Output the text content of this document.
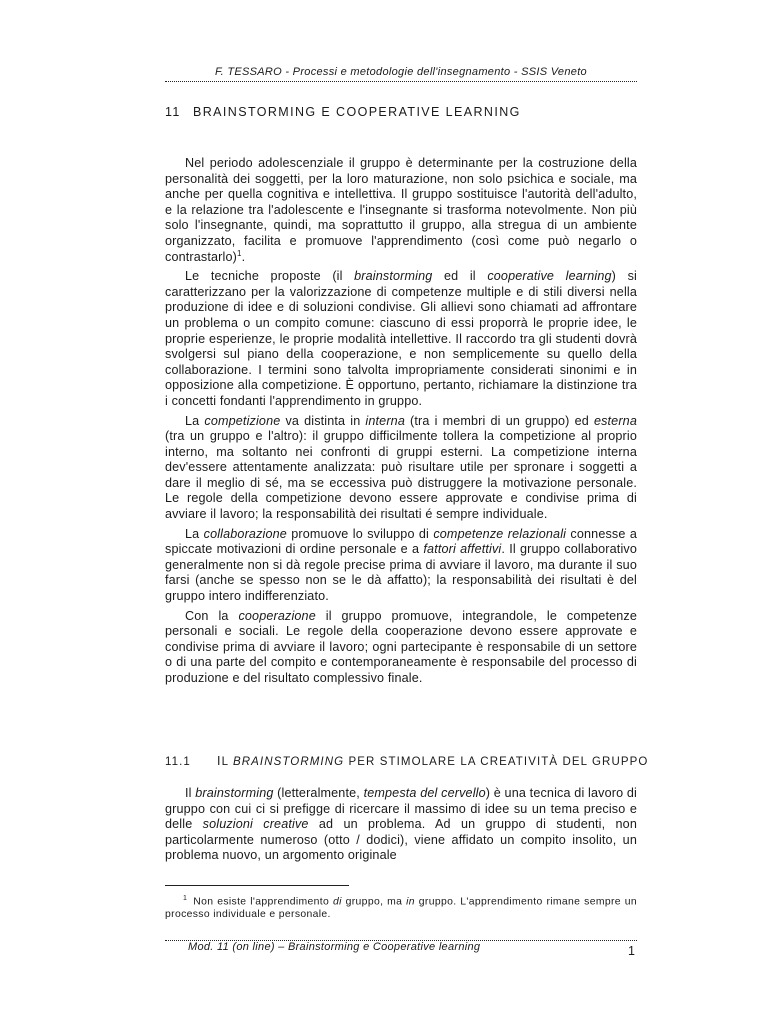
F. TESSARO - Processi e metodologie dell'insegnamento - SSIS Veneto
11 BRAINSTORMING E COOPERATIVE LEARNING

Nel periodo adolescenziale il gruppo è determinante per la costruzione della personalità dei soggetti, per la loro maturazione, non solo psichica e sociale, ma anche per quella cognitiva e intellettiva. Il gruppo sostituisce l'autorità dell'adulto, e la relazione tra l'adolescente e l'insegnante si trasforma notevolmente. Non più solo l'insegnante, quindi, ma soprattutto il gruppo, alla stregua di un ambiente organizzato, facilita e promuove l'apprendimento (così come può negarlo o contrastarlo)$^1$.

Le tecniche proposte (il brainstorming ed il cooperative learning) si caratterizzano per la valorizzazione di competenze multiple e di stili diversi nella produzione di idee e di soluzioni condivise. Gli allievi sono chiamati ad affrontare un problema o un compito comune: ciascuno di essi proporrà le proprie idee, le proprie esperienze, le proprie modalità intellettive. Il raccordo tra gli studenti dovrà svolgersi sul piano della cooperazione, e non semplicemente su quello della collaborazione. I termini sono talvolta impropriamente considerati sinonimi e in opposizione alla competizione. È opportuno, pertanto, richiamare la distinzione tra i concetti fondanti l'apprendimento in gruppo.

La competizione va distinta in interna (tra i membri di un gruppo) ed esterna (tra un gruppo e l'altro): il gruppo difficilmente tollera la competizione al proprio interno, ma soltanto nei confronti di gruppi esterni. La competizione interna dev'essere attentamente analizzata: può risultare utile per spronare i soggetti a dare il meglio di sé, ma se eccessiva può distruggere la motivazione personale. Le regole della competizione devono essere approvate e condivise prima di avviare il lavoro; la responsabilità dei risultati é sempre individuale.

La collaborazione promuove lo sviluppo di competenze relazionali connesse a spiccate motivazioni di ordine personale e a fattori affettivi. Il gruppo collaborativo generalmente non si dà regole precise prima di avviare il lavoro, ma durante il suo farsi (anche se spesso non se le dà affatto); la responsabilità dei risultati è del gruppo intero indifferenziato.

Con la cooperazione il gruppo promuove, integrandole, le competenze personali e sociali. Le regole della cooperazione devono essere approvate e condivise prima di avviare il lavoro; ogni partecipante è responsabile di un settore o di una parte del compito e contemporaneamente è responsabile del processo di produzione e del risultato complessivo finale.

11.1 IL BRAINSTORMING PER STIMOLARE LA CREATIVITÀ DEL GRUPPO

Il brainstorming (letteralmente, tempesta del cervello) è una tecnica di lavoro di gruppo con cui ci si prefigge di ricercare il massimo di idee su un tema preciso e delle soluzioni creative ad un problema. Ad un gruppo di studenti, non particolarmente numeroso (otto / dodici), viene affidato un compito insolito, un problema nuovo, un argomento originale

$^1$ Non esiste l'apprendimento di gruppo, ma in gruppo. L'apprendimento rimane sempre un processo individuale e personale.
Mod. 11 (on line) – Brainstorming e Cooperative learning	1
